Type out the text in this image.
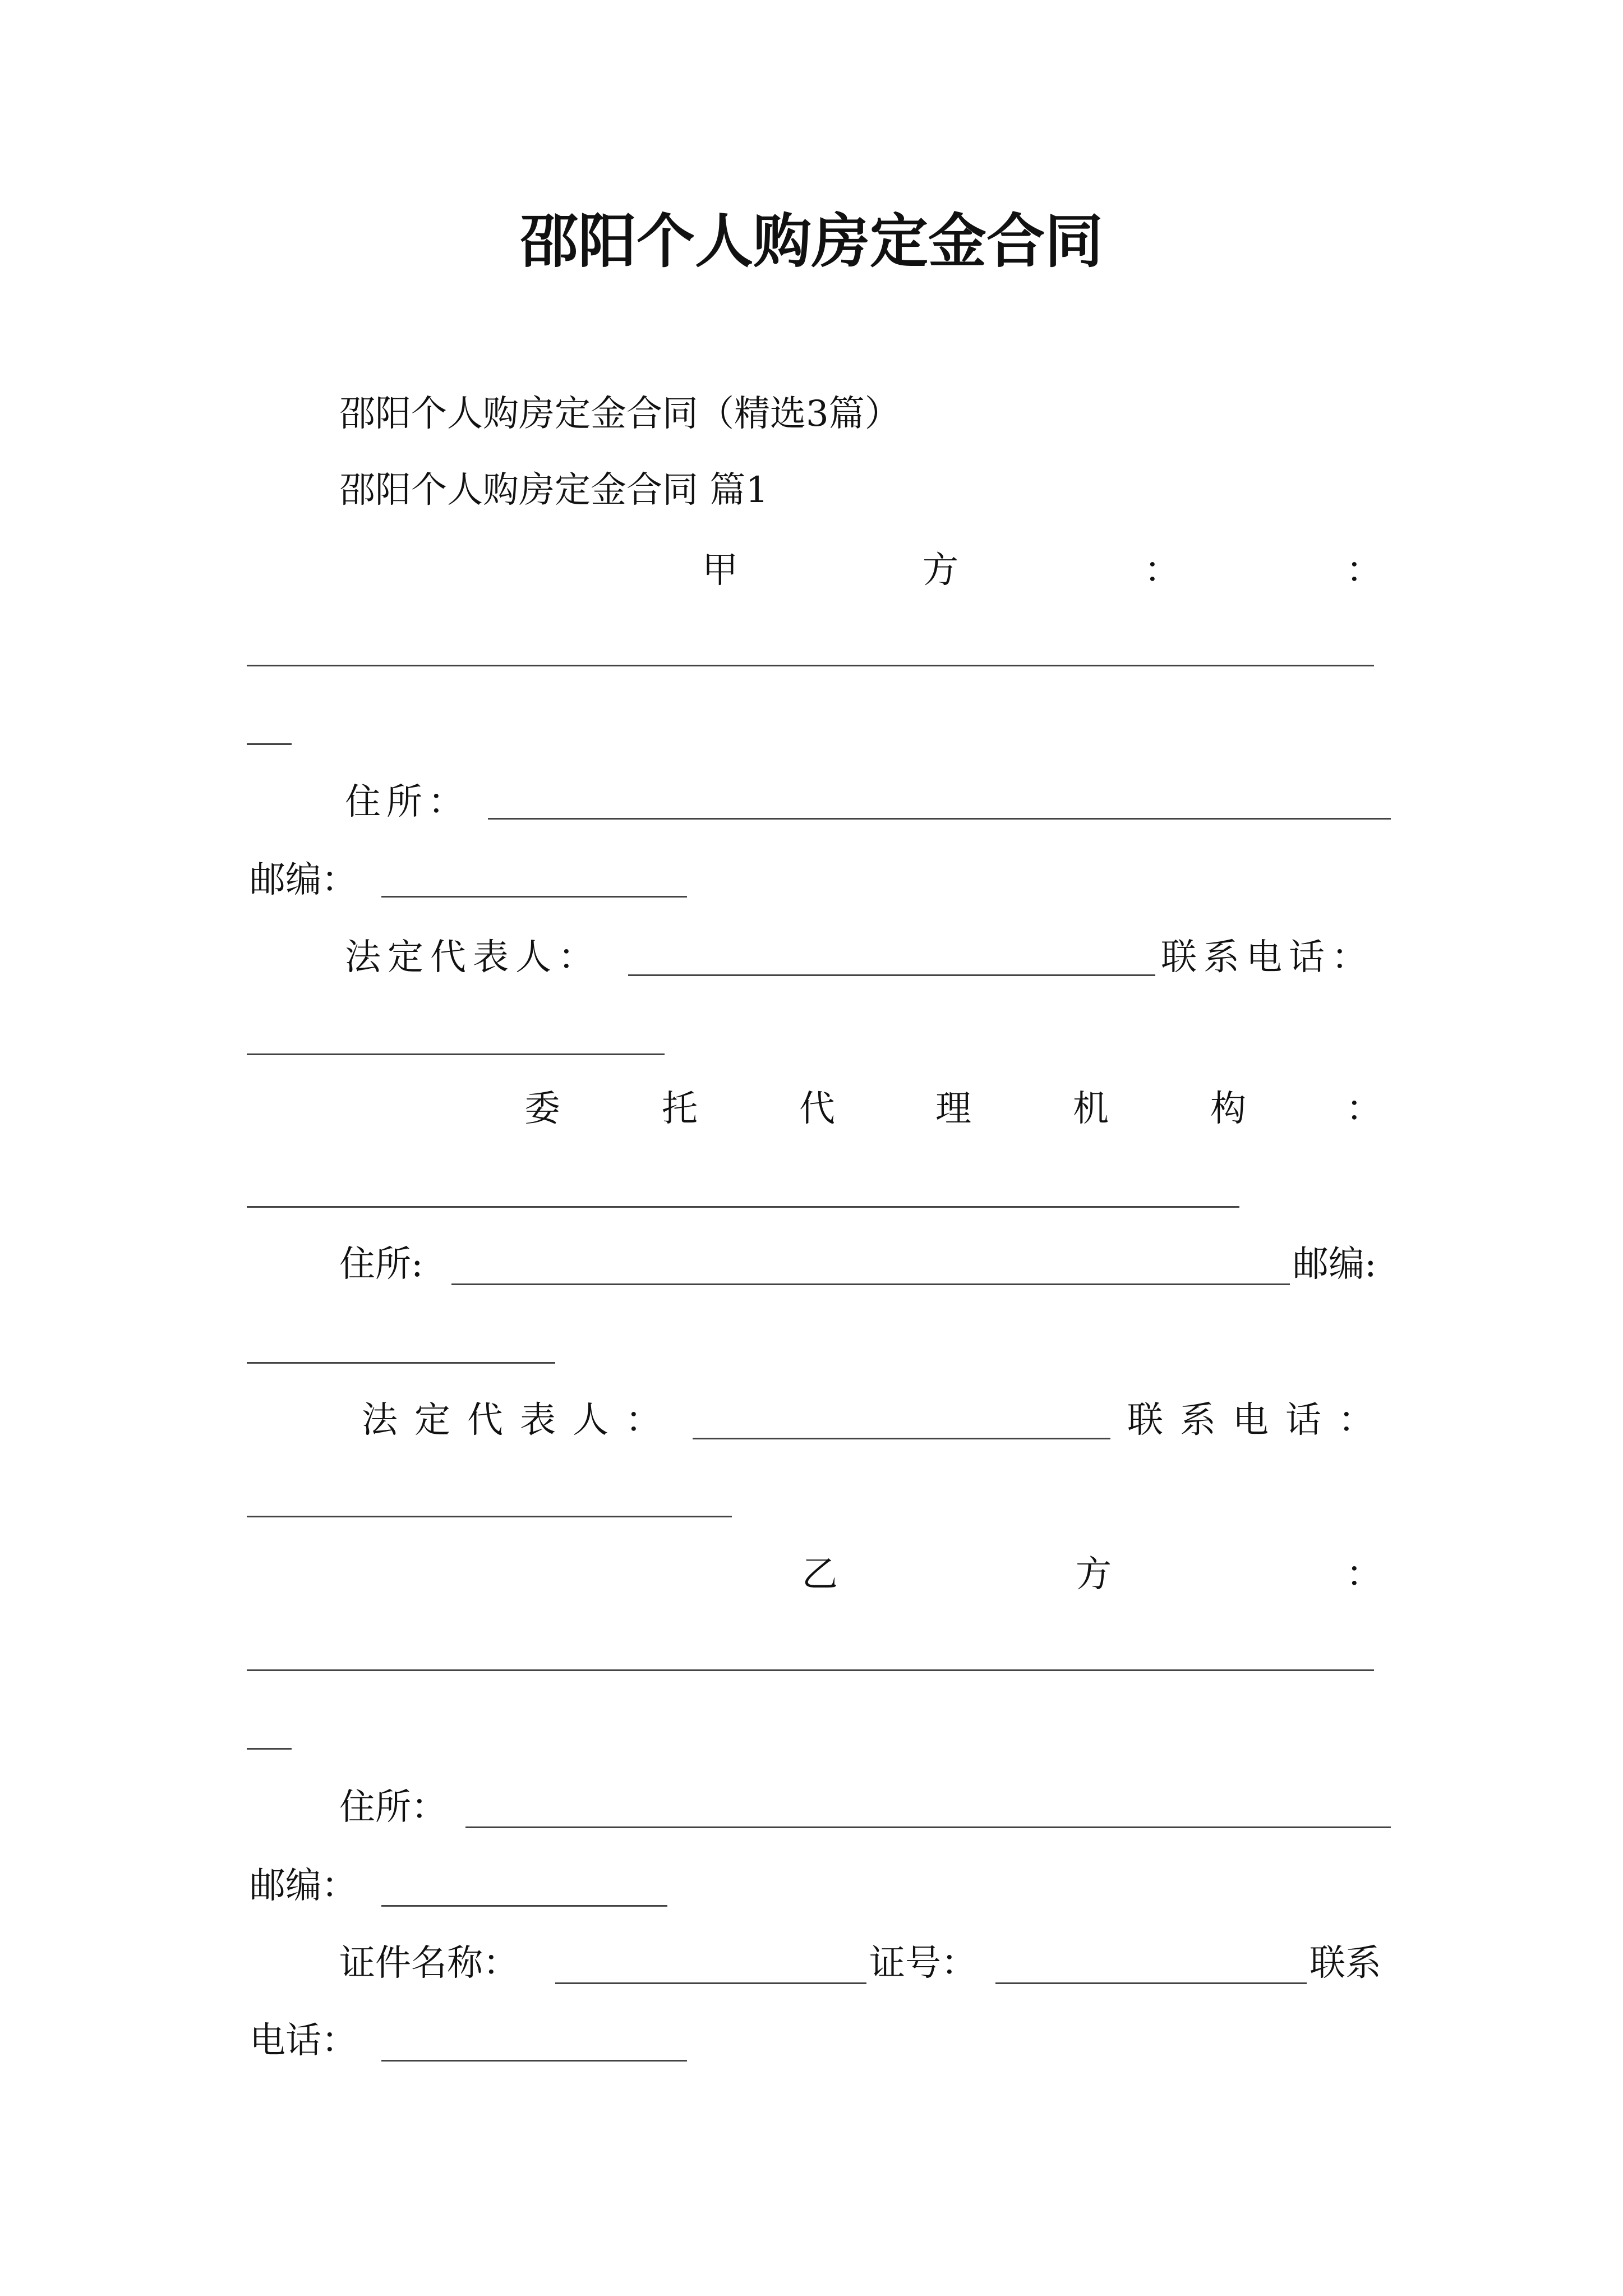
邵阳个人购房定金合同
邵阳个人购房定金合同（精选3篇）
邵阳个人购房定金合同 篇1
甲	方	：	：
住所：
邮编：
法定代表人：	联系电话：
委	托	代	理	机	构	：
住所:	邮编:
法定代表人：	联系电话：
乙	方	：
住所：
邮编：
证件名称：	证号：	联系
电话：
